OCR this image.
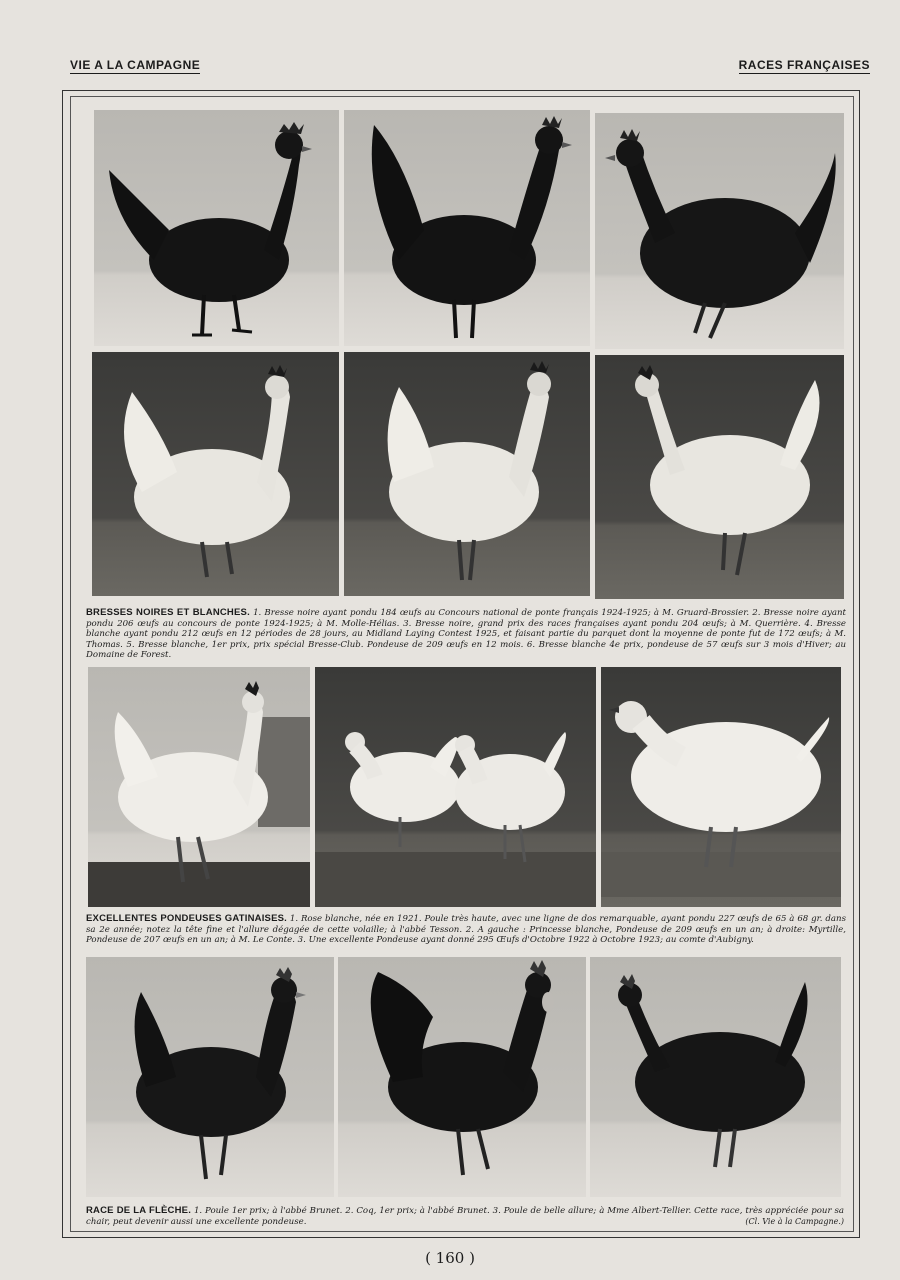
VIE A LA CAMPAGNE	RACES FRANÇAISES
BRESSES NOIRES ET BLANCHES. 1. Bresse noire ayant pondu 184 œufs au Concours national de ponte français 1924-1925; à M. Gruard-Brossier. 2. Bresse noire ayant pondu 206 œufs au concours de ponte 1924-1925; à M. Molle-Hélias. 3. Bresse noire, grand prix des races françaises ayant pondu 204 œufs; à M. Querrière. 4. Bresse blanche ayant pondu 212 œufs en 12 périodes de 28 jours, au Midland Laying Contest 1925, et faisant partie du parquet dont la moyenne de ponte fut de 172 œufs; à M. Thomas. 5. Bresse blanche, 1er prix, prix spécial Bresse-Club. Pondeuse de 209 œufs en 12 mois. 6. Bresse blanche 4e prix, pondeuse de 57 œufs sur 3 mois d'Hiver; au Domaine de Forest.
EXCELLENTES PONDEUSES GATINAISES. 1. Rose blanche, née en 1921. Poule très haute, avec une ligne de dos remarquable, ayant pondu 227 œufs de 65 à 68 gr. dans sa 2e année; notez la tête fine et l'allure dégagée de cette volaille; à l'abbé Tesson. 2. A gauche : Princesse blanche, Pondeuse de 209 œufs en un an; à droite: Myrtille, Pondeuse de 207 œufs en un an; à M. Le Conte. 3. Une excellente Pondeuse ayant donné 295 Œufs d'Octobre 1922 à Octobre 1923; au comte d'Aubigny.
RACE DE LA FLÈCHE. 1. Poule 1er prix; à l'abbé Brunet. 2. Coq, 1er prix; à l'abbé Brunet. 3. Poule de belle allure; à Mme Albert-Tellier. Cette race, très appréciée pour sa chair, peut devenir aussi une excellente pondeuse.	(Cl. Vie à la Campagne.)
( 160 )
